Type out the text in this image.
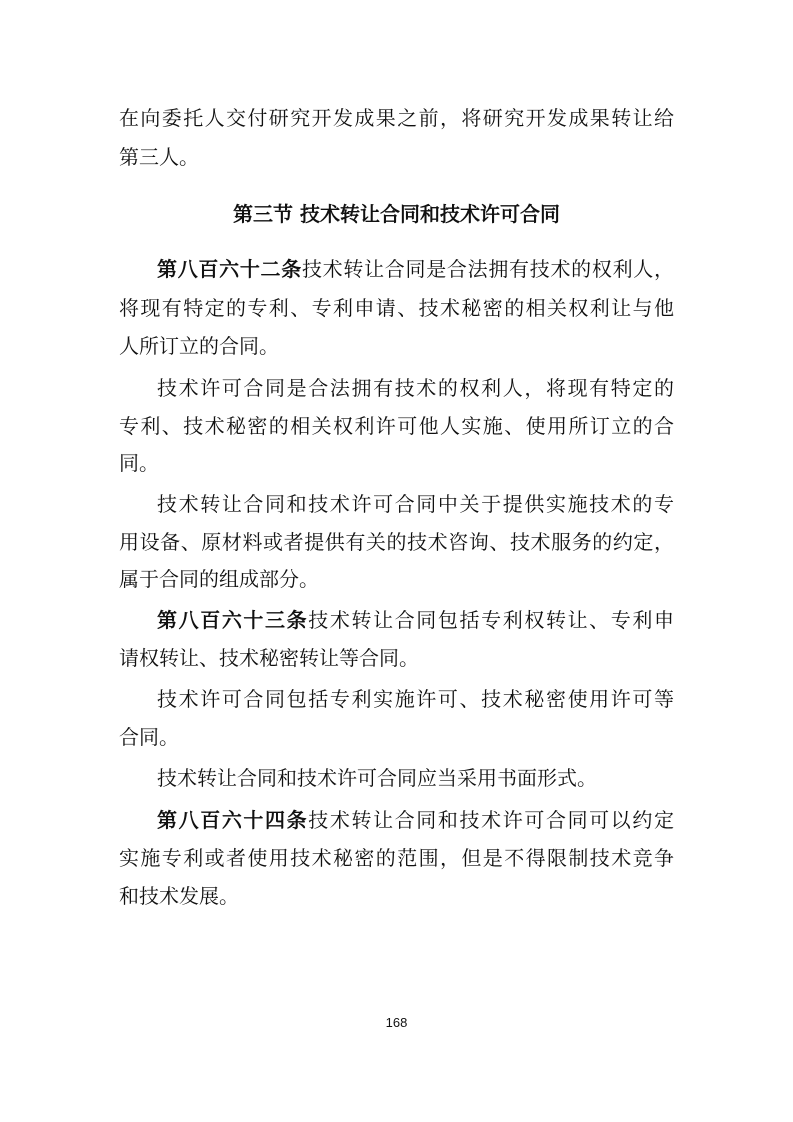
在向委托人交付研究开发成果之前，将研究开发成果转让给
第三人。
第三节 技术转让合同和技术许可合同
第八百六十二条技术转让合同是合法拥有技术的权利人，
将现有特定的专利、专利申请、技术秘密的相关权利让与他
人所订立的合同。
技术许可合同是合法拥有技术的权利人，将现有特定的
专利、技术秘密的相关权利许可他人实施、使用所订立的合
同。
技术转让合同和技术许可合同中关于提供实施技术的专
用设备、原材料或者提供有关的技术咨询、技术服务的约定，
属于合同的组成部分。
第八百六十三条技术转让合同包括专利权转让、专利申
请权转让、技术秘密转让等合同。
技术许可合同包括专利实施许可、技术秘密使用许可等
合同。
技术转让合同和技术许可合同应当采用书面形式。
第八百六十四条技术转让合同和技术许可合同可以约定
实施专利或者使用技术秘密的范围，但是不得限制技术竞争
和技术发展。
168
